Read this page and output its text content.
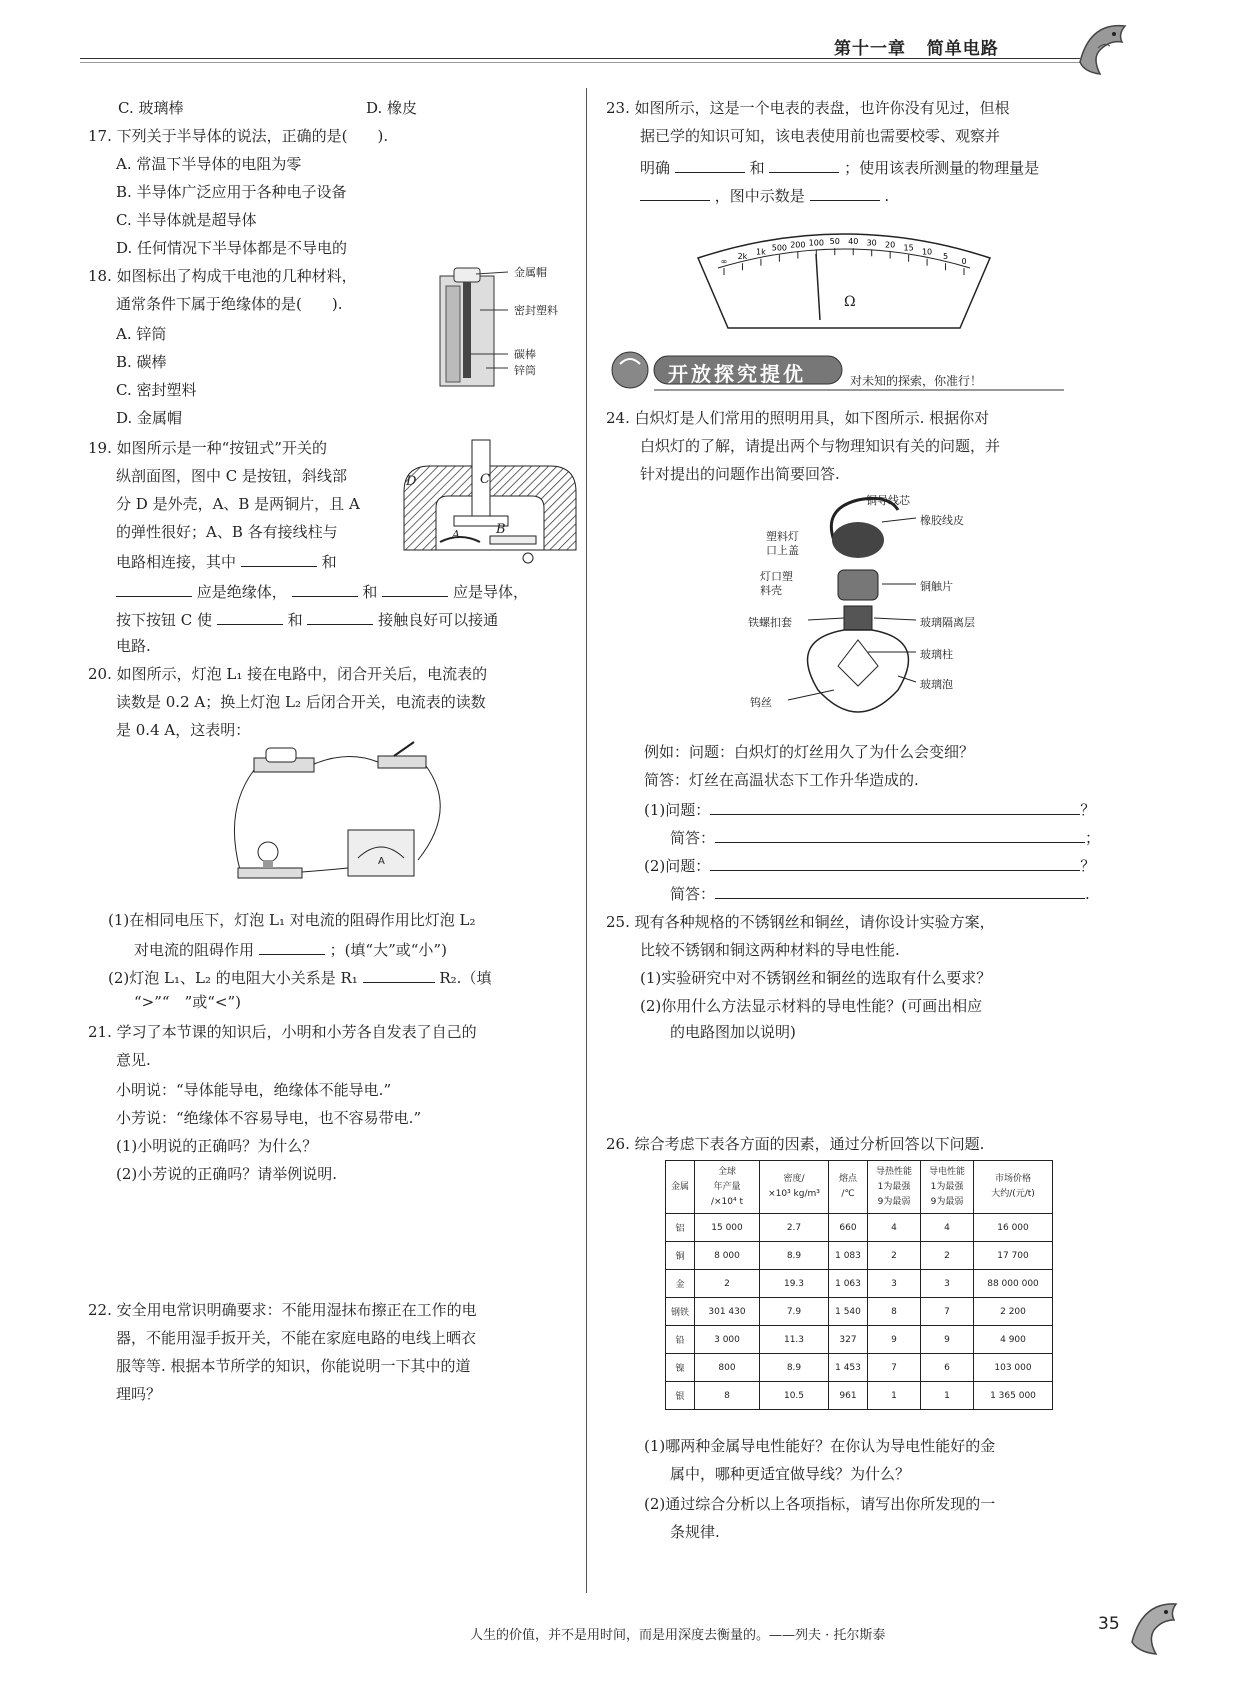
第十一章 简单电路
C. 玻璃棒	D. 橡皮
17. 下列关于半导体的说法，正确的是(　　).
A. 常温下半导体的电阻为零
B. 半导体广泛应用于各种电子设备
C. 半导体就是超导体
D. 任何情况下半导体都是不导电的
18. 如图标出了构成干电池的几种材料，
通常条件下属于绝缘体的是(　　).
A. 锌筒
B. 碳棒
C. 密封塑料
D. 金属帽
金属帽
密封塑料
碳棒
锌筒
19. 如图所示是一种“按钮式”开关的
纵剖面图，图中 C 是按钮，斜线部
分 D 是外壳，A、B 是两铜片，且 A
的弹性很好；A、B 各有接线柱与
电路相连接，其中	和
应是绝缘体，	和	应是导体，
按下按钮 C 使	和	接触良好可以接通
电路.
C
D
A	B
20. 如图所示，灯泡 L₁ 接在电路中，闭合开关后，电流表的
读数是 0.2 A；换上灯泡 L₂ 后闭合开关，电流表的读数
是 0.4 A，这表明：
A
(1)在相同电压下，灯泡 L₁ 对电流的阻碍作用比灯泡 L₂
对电流的阻碍作用	；(填“大”或“小”)
(2)灯泡 L₁、L₂ 的电阻大小关系是 R₁	R₂.（填
“>”“　”或“<”)
21. 学习了本节课的知识后，小明和小芳各自发表了自己的
意见.
小明说：“导体能导电，绝缘体不能导电.”
小芳说：“绝缘体不容易导电，也不容易带电.”
(1)小明说的正确吗？为什么？
(2)小芳说的正确吗？请举例说明.
22. 安全用电常识明确要求：不能用湿抹布擦正在工作的电
器，不能用湿手扳开关，不能在家庭电路的电线上晒衣
服等等. 根据本节所学的知识，你能说明一下其中的道
理吗？
23. 如图所示，这是一个电表的表盘，也许你没有见过，但根
据已学的知识可知，该电表使用前也需要校零、观察并
明确	和	；使用该表所测量的物理量是
，图中示数是	.
∞
2k
1k 500 200 100 50 40 30 20 15 10
5
0
Ω
开放探究提优	对未知的探索，你准行！
24. 白炽灯是人们常用的照明用具，如下图所示. 根据你对
白炽灯的了解，请提出两个与物理知识有关的问题，并
针对提出的问题作出简要回答.
铜导线芯
塑料灯
口上盖
橡胶线皮
灯口塑
料壳	铜触片
铁螺扣套	玻璃隔离层
玻璃柱
玻璃泡
钨丝
例如：问题：白炽灯的灯丝用久了为什么会变细？
简答：灯丝在高温状态下工作升华造成的.
(1)问题：	？
简答：	；
(2)问题：	？
简答：	.
25. 现有各种规格的不锈钢丝和铜丝，请你设计实验方案，
比较不锈钢和铜这两种材料的导电性能.
(1)实验研究中对不锈钢丝和铜丝的选取有什么要求？
(2)你用什么方法显示材料的导电性能？(可画出相应
的电路图加以说明)
26. 综合考虑下表各方面的因素，通过分析回答以下问题.
金属	全球
年产量
/×10⁴ t	密度/
×10³ kg/m³	熔点
/℃	导热性能
1为最强
9为最弱	导电性能
1为最强
9为最弱	市场价格
大约/(元/t)
铝	15 000	2.7	660	4	4	16 000
铜	8 000	8.9	1 083	2	2	17 700
金	2	19.3	1 063	3	3	88 000 000
钢铁	301 430	7.9	1 540	8	7	2 200
铅	3 000	11.3	327	9	9	4 900
镍	800	8.9	1 453	7	6	103 000
银	8	10.5	961	1	1	1 365 000
(1)哪两种金属导电性能好？在你认为导电性能好的金
属中，哪种更适宜做导线？为什么？
(2)通过综合分析以上各项指标，请写出你所发现的一
条规律.
人生的价值，并不是用时间，而是用深度去衡量的。——列夫 · 托尔斯泰
35
